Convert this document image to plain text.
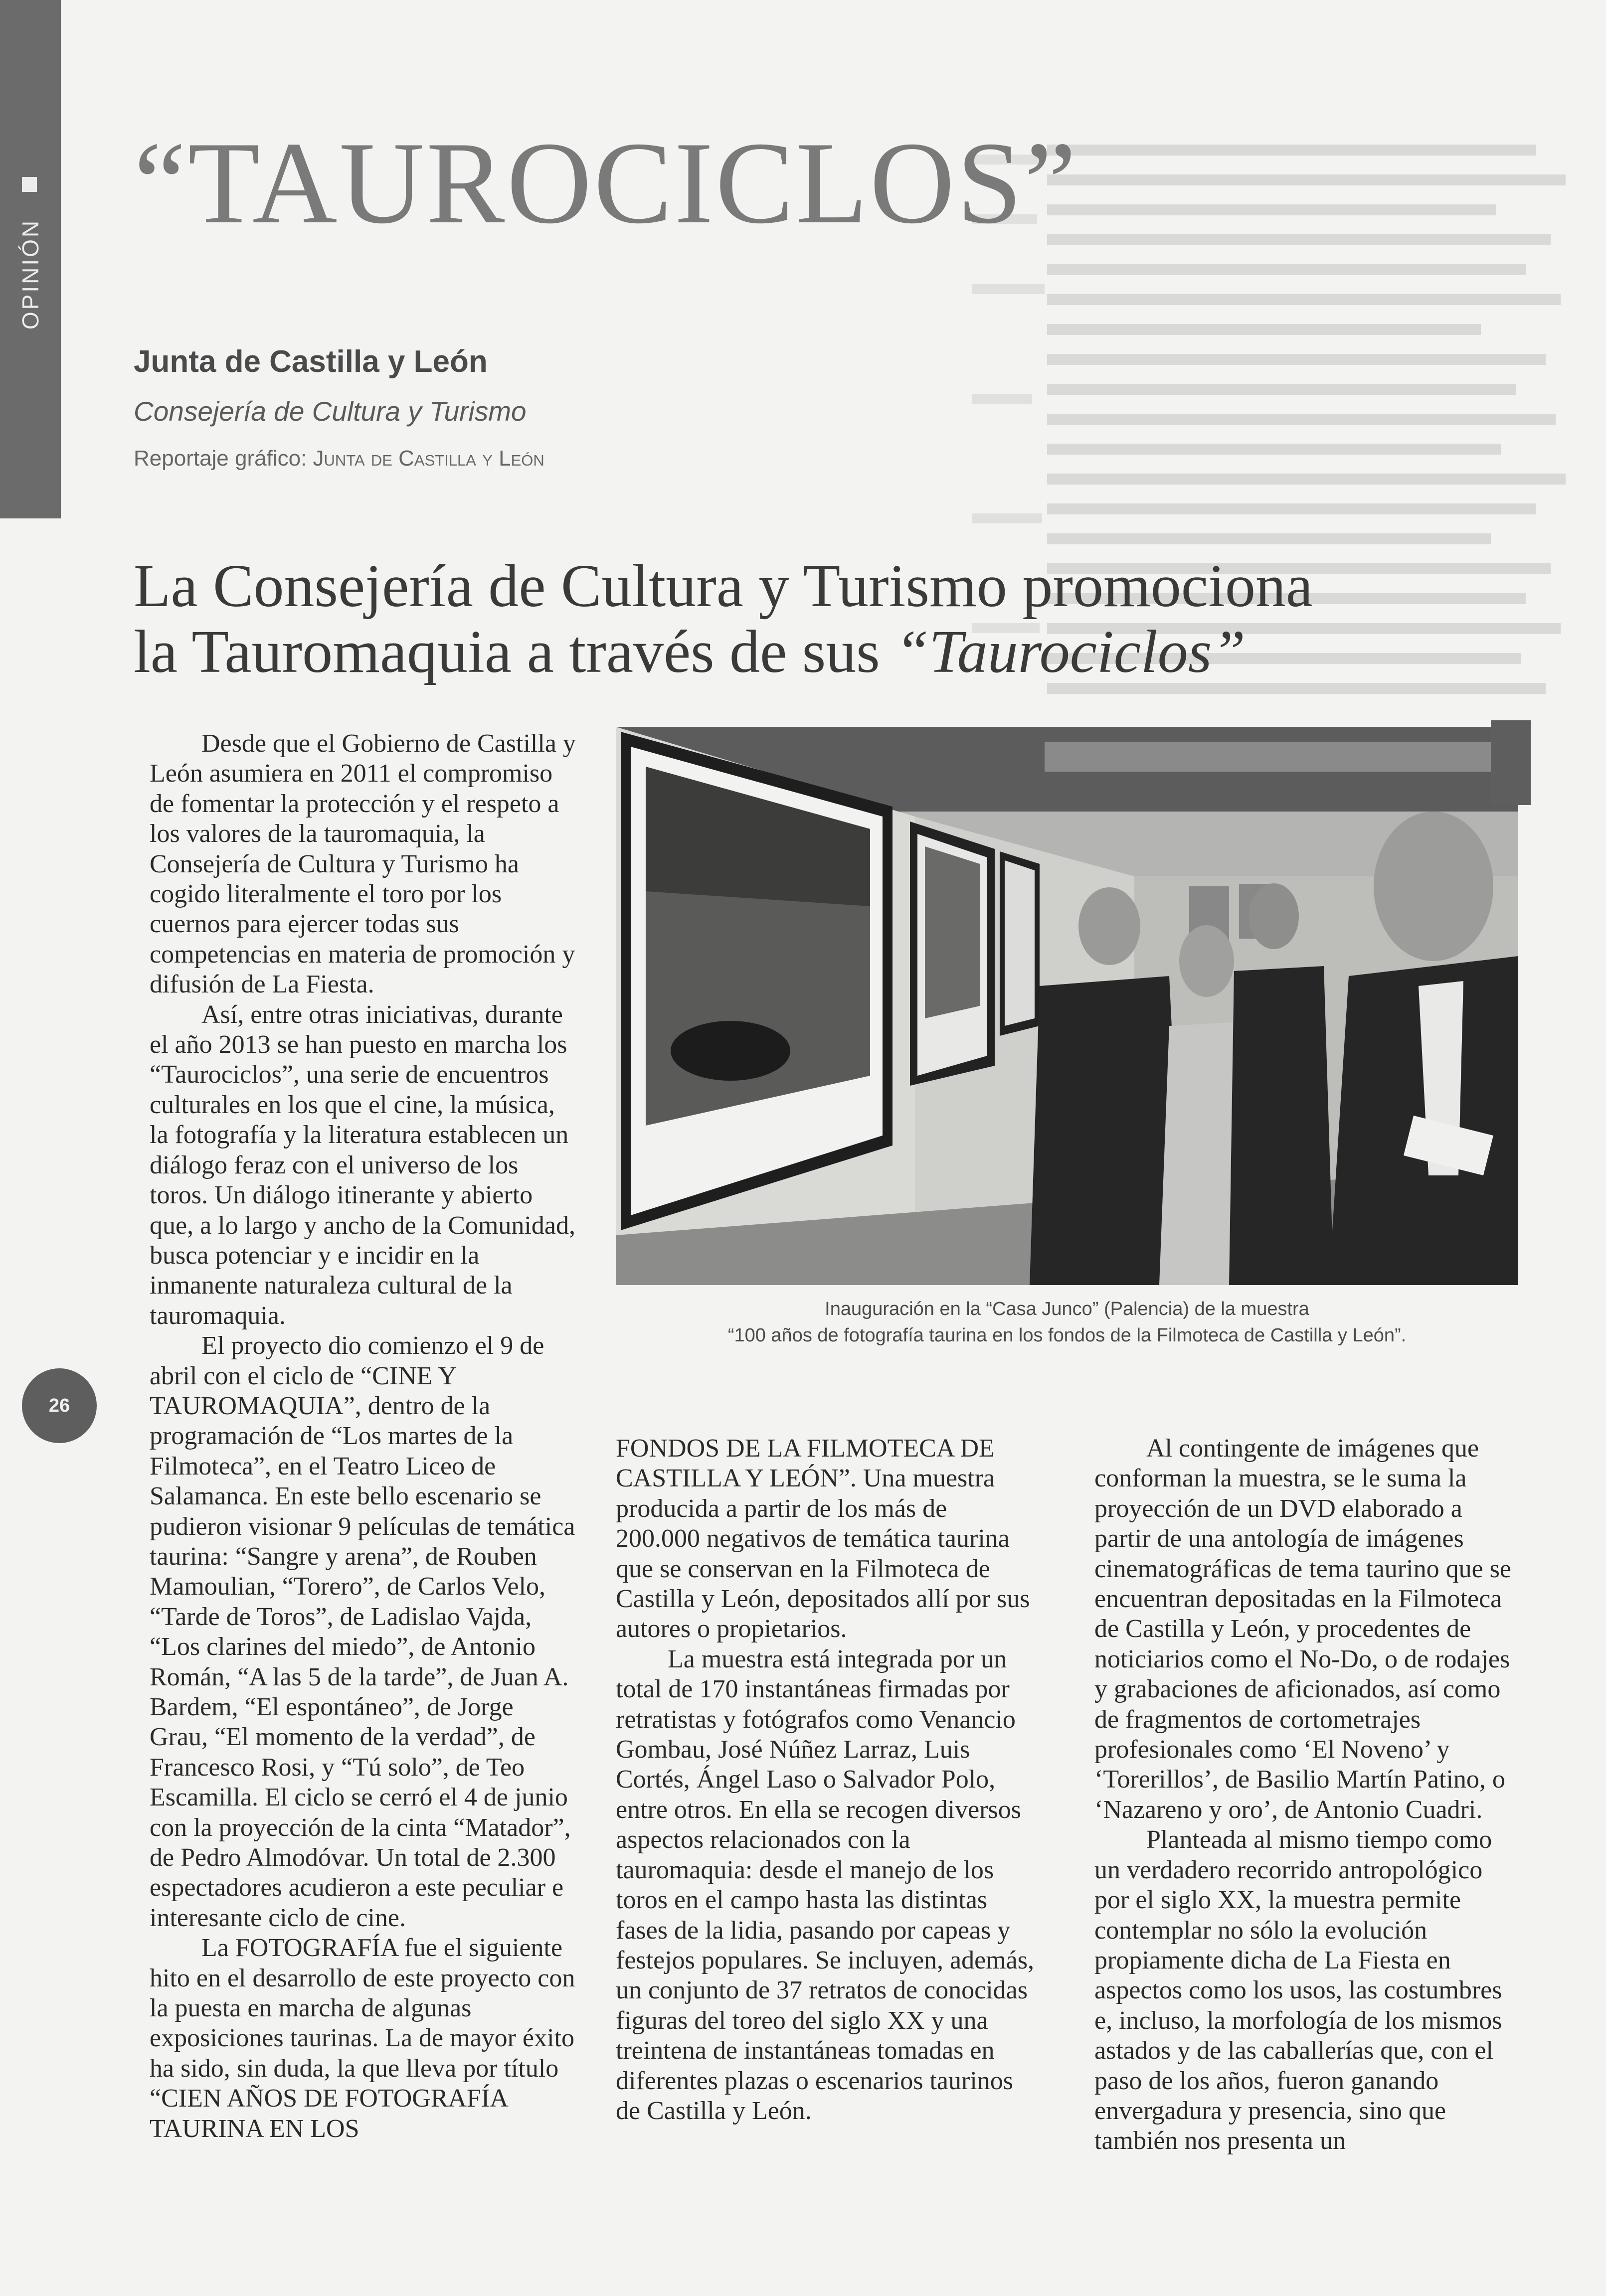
OPINIÓN
“TAUROCICLOS”
Junta de Castilla y León
Consejería de Cultura y Turismo
Reportaje gráfico: Junta de Castilla y León
La Consejería de Cultura y Turismo promociona
la Tauromaquia a través de sus “Taurociclos”

Desde que el Gobierno de Castilla y León asumiera en 2011 el compromiso de fomentar la protección y el respeto a los valores de la tauromaquia, la Consejería de Cultura y Turismo ha cogido literalmente el toro por los cuernos para ejercer todas sus competencias en materia de promoción y difusión de La Fiesta.

Así, entre otras iniciativas, durante el año 2013 se han puesto en marcha los “Taurociclos”, una serie de encuentros culturales en los que el cine, la música, la fotografía y la literatura establecen un diálogo feraz con el universo de los toros. Un diálogo itinerante y abierto que, a lo largo y ancho de la Comunidad, busca potenciar y e incidir en la inmanente naturaleza cultural de la tauromaquia.

El proyecto dio comienzo el 9 de abril con el ciclo de “CINE Y TAUROMAQUIA”, dentro de la programación de “Los martes de la Filmoteca”, en el Teatro Liceo de Salamanca. En este bello escenario se pudieron visionar 9 películas de temática taurina: “Sangre y arena”, de Rouben Mamoulian, “Torero”, de Carlos Velo, “Tarde de Toros”, de Ladislao Vajda, “Los clarines del miedo”, de Antonio Román, “A las 5 de la tarde”, de Juan A. Bardem, “El espontáneo”, de Jorge Grau, “El momento de la verdad”, de Francesco Rosi, y “Tú solo”, de Teo Escamilla. El ciclo se cerró el 4 de junio con la proyección de la cinta “Matador”, de Pedro Almodóvar. Un total de 2.300 espectadores acudieron a este peculiar e interesante ciclo de cine.

La FOTOGRAFÍA fue el siguiente hito en el desarrollo de este proyecto con la puesta en marcha de algunas exposiciones taurinas. La de mayor éxito ha sido, sin duda, la que lleva por título “CIEN AÑOS DE FOTOGRAFÍA TAURINA EN LOS

Inauguración en la “Casa Junco” (Palencia) de la muestra
“100 años de fotografía taurina en los fondos de la Filmoteca de Castilla y León”.
26

FONDOS DE LA FILMOTECA DE CASTILLA Y LEÓN”. Una muestra producida a partir de los más de 200.000 negativos de temática taurina que se conservan en la Filmoteca de Castilla y León, depositados allí por sus autores o propietarios.

La muestra está integrada por un total de 170 instantáneas firmadas por retratistas y fotógrafos como Venancio Gombau, José Núñez Larraz, Luis Cortés, Ángel Laso o Salvador Polo, entre otros. En ella se recogen diversos aspectos relacionados con la tauromaquia: desde el manejo de los toros en el campo hasta las distintas fases de la lidia, pasando por capeas y festejos populares. Se incluyen, además, un conjunto de 37 retratos de conocidas figuras del toreo del siglo XX y una treintena de instantáneas tomadas en diferentes plazas o escenarios taurinos de Castilla y León.

Al contingente de imágenes que conforman la muestra, se le suma la proyección de un DVD elaborado a partir de una antología de imágenes cinematográficas de tema taurino que se encuentran depositadas en la Filmoteca de Castilla y León, y procedentes de noticiarios como el No-Do, o de rodajes y grabaciones de aficionados, así como de fragmentos de cortometrajes profesionales como ‘El Noveno’ y ‘Torerillos’, de Basilio Martín Patino, o ‘Nazareno y oro’, de Antonio Cuadri.

Planteada al mismo tiempo como un verdadero recorrido antropológico por el siglo XX, la muestra permite contemplar no sólo la evolución propiamente dicha de La Fiesta en aspectos como los usos, las costumbres e, incluso, la morfología de los mismos astados y de las caballerías que, con el paso de los años, fueron ganando envergadura y presencia, sino que también nos presenta un
